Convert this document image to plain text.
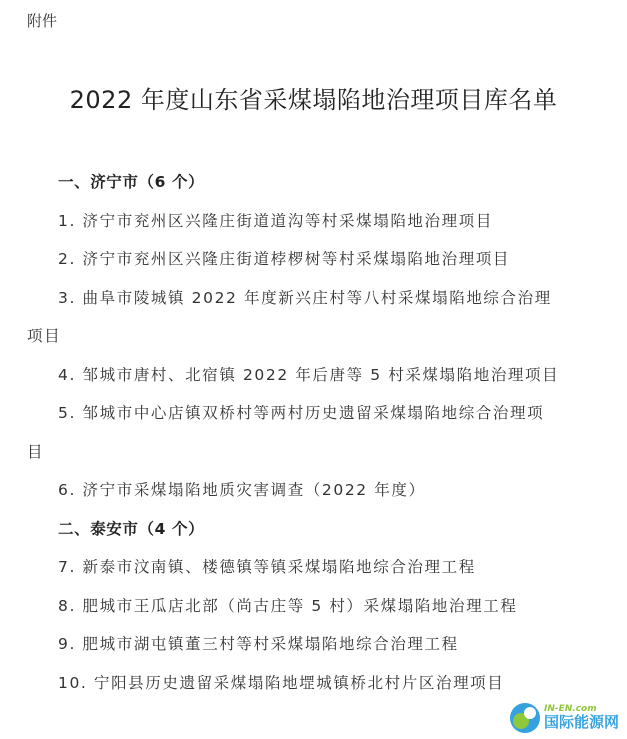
附件
2022 年度山东省采煤塌陷地治理项目库名单
一、济宁市（6 个）
1. 济宁市兖州区兴隆庄街道道沟等村采煤塌陷地治理项目
2. 济宁市兖州区兴隆庄街道桲椤树等村采煤塌陷地治理项目
3. 曲阜市陵城镇 2022 年度新兴庄村等八村采煤塌陷地综合治理
项目
4. 邹城市唐村、北宿镇 2022 年后唐等 5 村采煤塌陷地治理项目
5. 邹城市中心店镇双桥村等两村历史遗留采煤塌陷地综合治理项
目
6. 济宁市采煤塌陷地质灾害调查（2022 年度）
二、泰安市（4 个）
7. 新泰市汶南镇、楼德镇等镇采煤塌陷地综合治理工程
8. 肥城市王瓜店北部（尚古庄等 5 村）采煤塌陷地治理工程
9. 肥城市湖屯镇董三村等村采煤塌陷地综合治理工程
10. 宁阳县历史遗留采煤塌陷地堽城镇桥北村片区治理项目
IN-EN.com
国际能源网
